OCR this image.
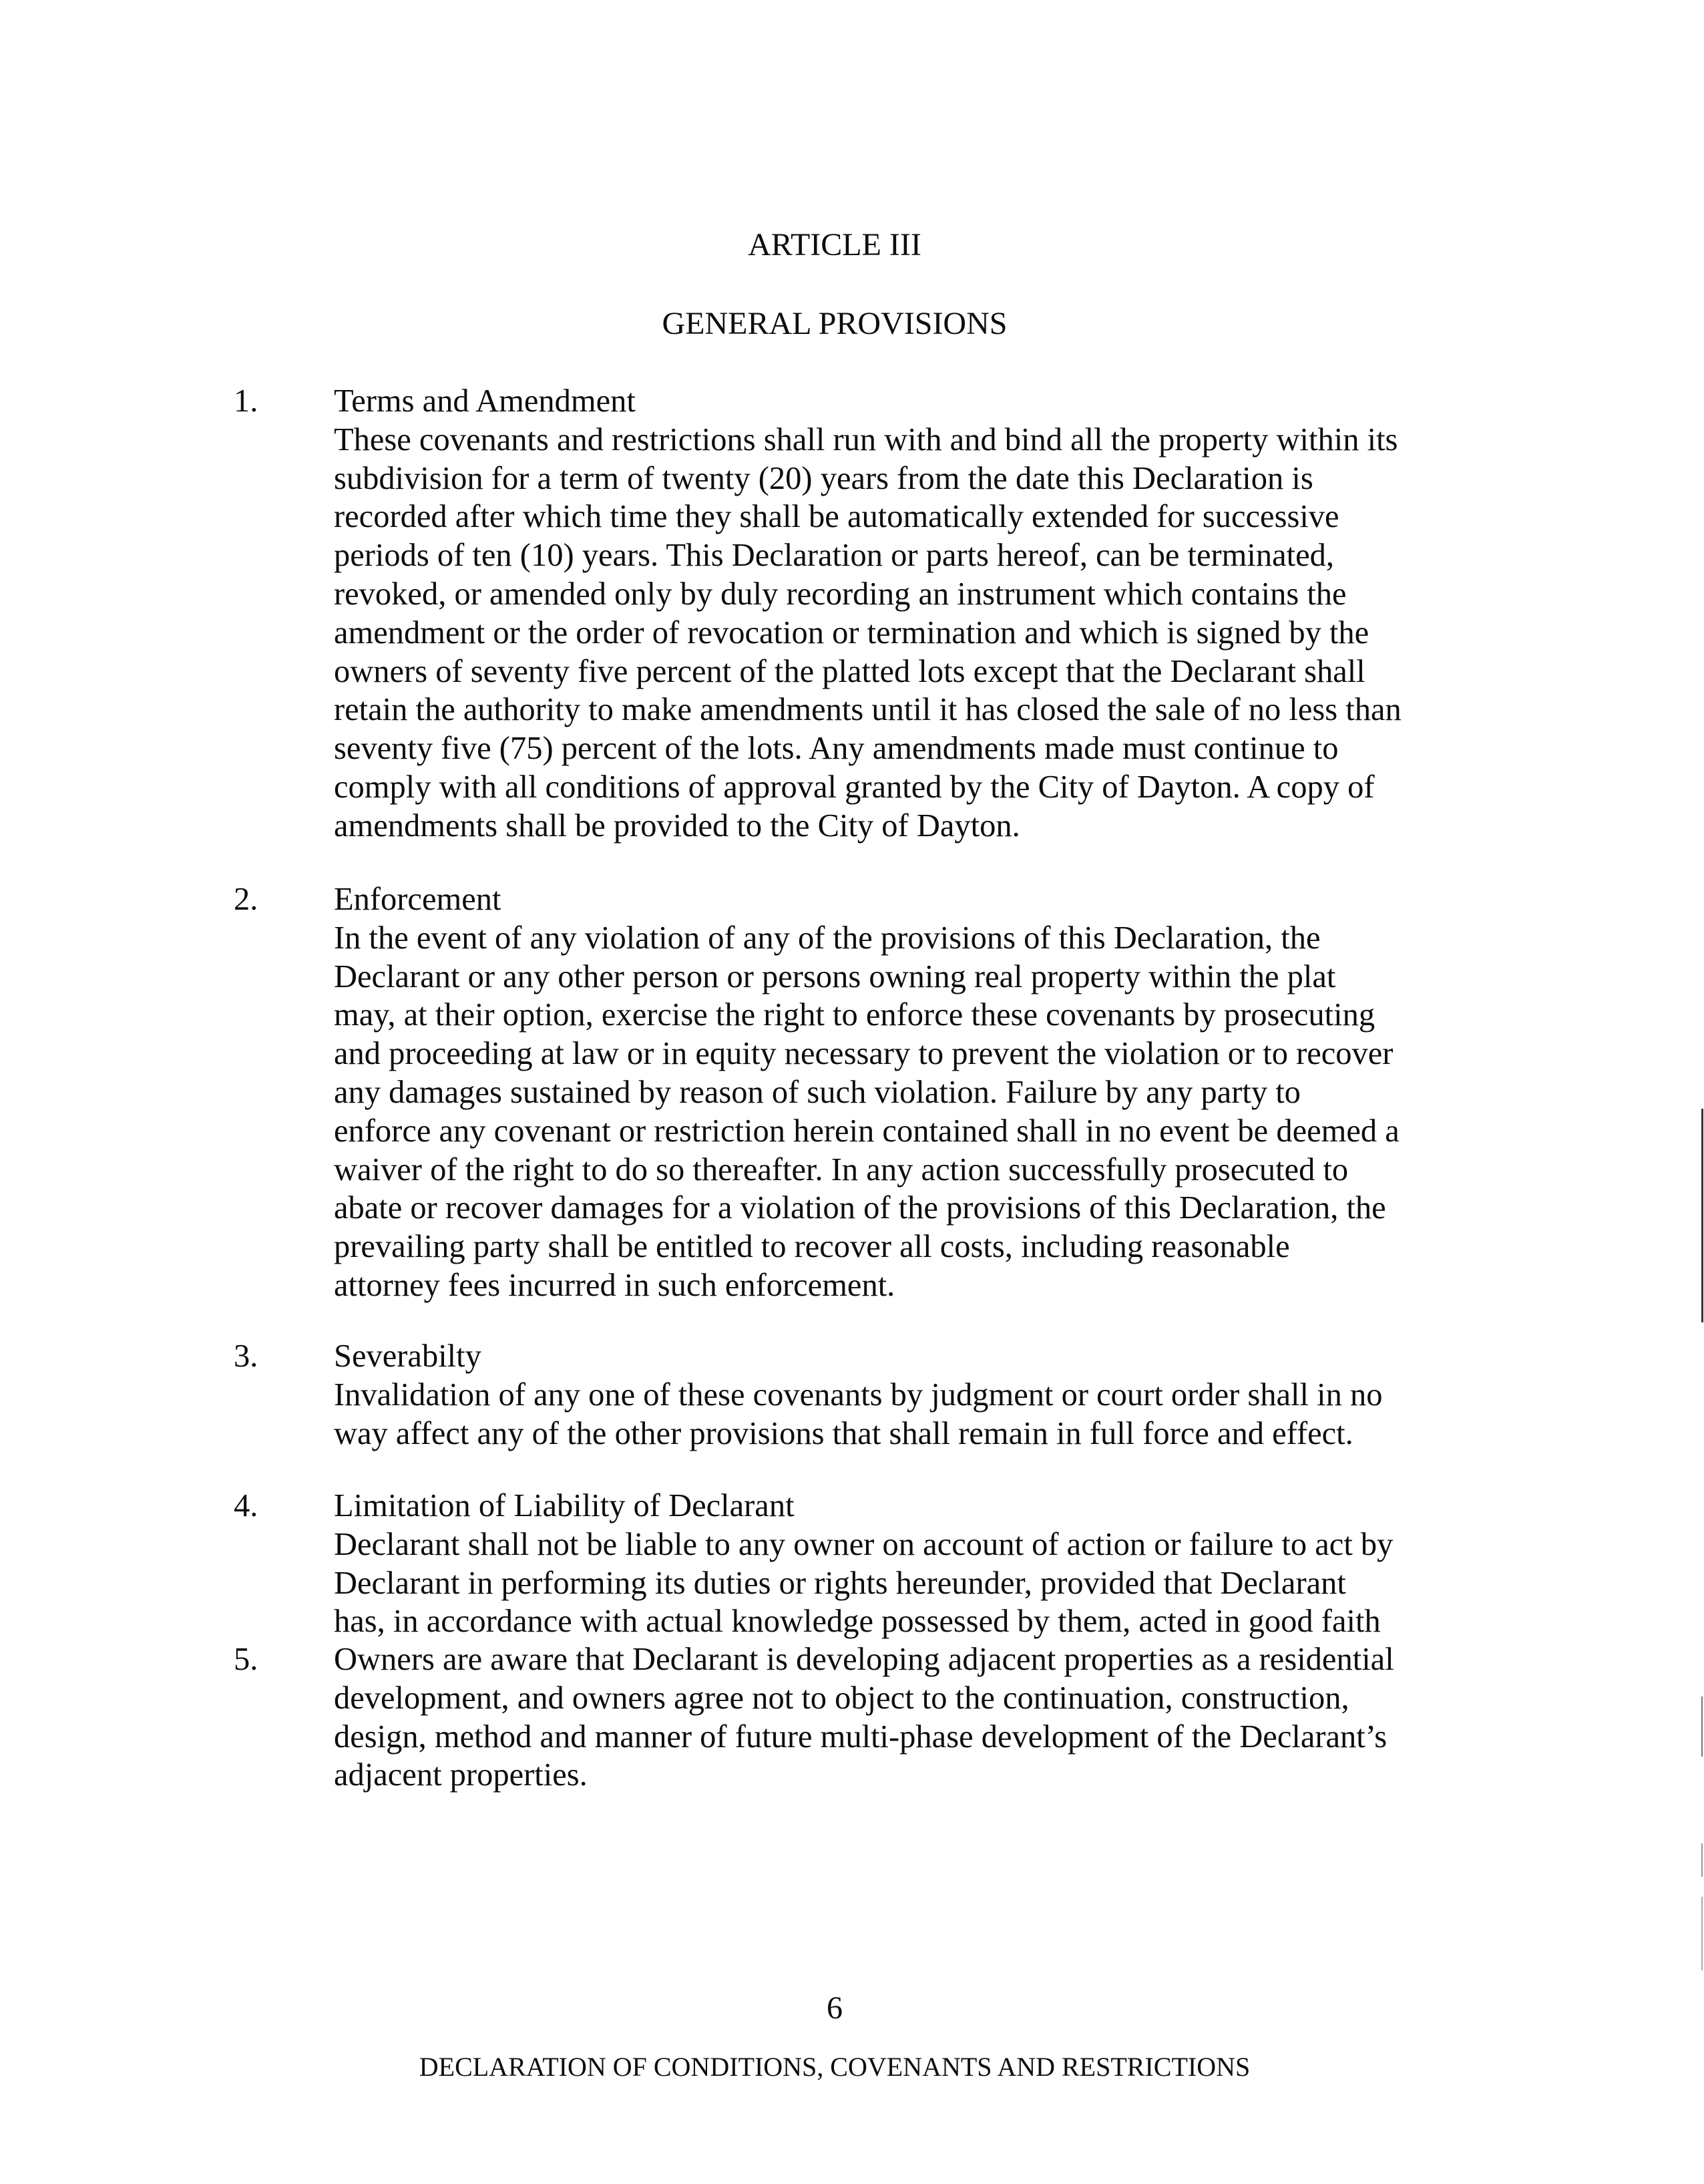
ARTICLE III
GENERAL PROVISIONS
1.	Terms and Amendment
These covenants and restrictions shall run with and bind all the property within its
subdivision for a term of twenty (20) years from the date this Declaration is
recorded after which time they shall be automatically extended for successive
periods of ten (10) years. This Declaration or parts hereof, can be terminated,
revoked, or amended only by duly recording an instrument which contains the
amendment or the order of revocation or termination and which is signed by the
owners of seventy five percent of the platted lots except that the Declarant shall
retain the authority to make amendments until it has closed the sale of no less than
seventy five (75) percent of the lots. Any amendments made must continue to
comply with all conditions of approval granted by the City of Dayton. A copy of
amendments shall be provided to the City of Dayton.
2.	Enforcement
In the event of any violation of any of the provisions of this Declaration, the
Declarant or any other person or persons owning real property within the plat
may, at their option, exercise the right to enforce these covenants by prosecuting
and proceeding at law or in equity necessary to prevent the violation or to recover
any damages sustained by reason of such violation. Failure by any party to
enforce any covenant or restriction herein contained shall in no event be deemed a
waiver of the right to do so thereafter. In any action successfully prosecuted to
abate or recover damages for a violation of the provisions of this Declaration, the
prevailing party shall be entitled to recover all costs, including reasonable
attorney fees incurred in such enforcement.
3.	Severabilty
Invalidation of any one of these covenants by judgment or court order shall in no
way affect any of the other provisions that shall remain in full force and effect.
4.	Limitation of Liability of Declarant
Declarant shall not be liable to any owner on account of action or failure to act by
Declarant in performing its duties or rights hereunder, provided that Declarant
has, in accordance with actual knowledge possessed by them, acted in good faith
5.	Owners are aware that Declarant is developing adjacent properties as a residential
development, and owners agree not to object to the continuation, construction,
design, method and manner of future multi-phase development of the Declarant’s
adjacent properties.
6
DECLARATION OF CONDITIONS, COVENANTS AND RESTRICTIONS
